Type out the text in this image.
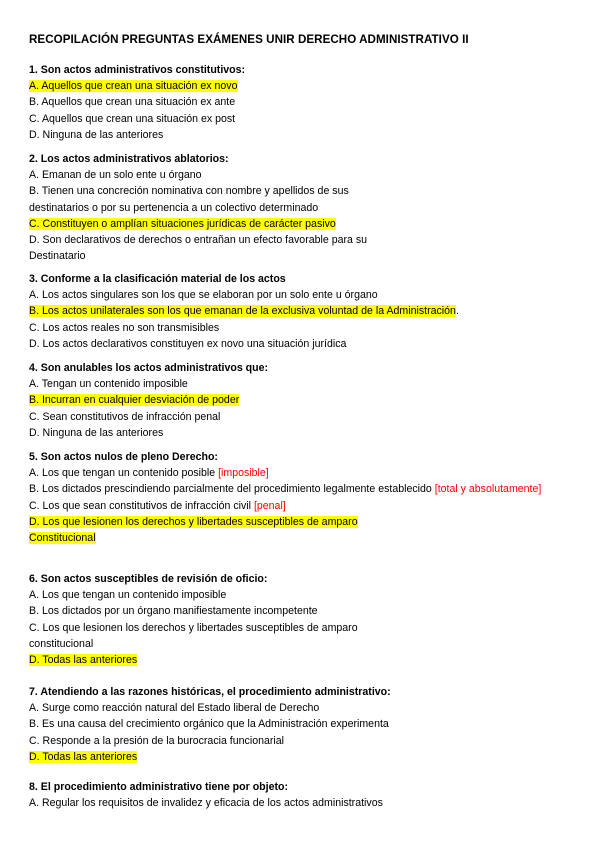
RECOPILACIÓN PREGUNTAS EXÁMENES UNIR DERECHO ADMINISTRATIVO II
1. Son actos administrativos constitutivos:
A. Aquellos que crean una situación ex novo
B. Aquellos que crean una situación ex ante
C. Aquellos que crean una situación ex post
D. Ninguna de las anteriores
2. Los actos administrativos ablatorios:
A. Emanan de un solo ente u órgano
B. Tienen una concreción nominativa con nombre y apellidos de sus
destinatarios o por su pertenencia a un colectivo determinado
C. Constituyen o amplían situaciones jurídicas de carácter pasivo
D. Son declarativos de derechos o entrañan un efecto favorable para su
Destinatario
3. Conforme a la clasificación material de los actos
A. Los actos singulares son los que se elaboran por un solo ente u órgano
B. Los actos unilaterales son los que emanan de la exclusiva voluntad de la Administración.
C. Los actos reales no son transmisibles
D. Los actos declarativos constituyen ex novo una situación jurídica
4. Son anulables los actos administrativos que:
A. Tengan un contenido imposible
B. Incurran en cualquier desviación de poder
C. Sean constitutivos de infracción penal
D. Ninguna de las anteriores
5. Son actos nulos de pleno Derecho:
A. Los que tengan un contenido posible [imposible]
B. Los dictados prescindiendo parcialmente del procedimiento legalmente establecido [total y absolutamente]
C. Los que sean constitutivos de infracción civil [penal]
D. Los que lesionen los derechos y libertades susceptibles de amparo
Constitucional
6. Son actos susceptibles de revisión de oficio:
A. Los que tengan un contenido imposible
B. Los dictados por un órgano manifiestamente incompetente
C. Los que lesionen los derechos y libertades susceptibles de amparo
constitucional
D. Todas las anteriores
7. Atendiendo a las razones históricas, el procedimiento administrativo:
A. Surge como reacción natural del Estado liberal de Derecho
B. Es una causa del crecimiento orgánico que la Administración experimenta
C. Responde a la presión de la burocracia funcionarial
D. Todas las anteriores
8. El procedimiento administrativo tiene por objeto:
A. Regular los requisitos de invalidez y eficacia de los actos administrativos
